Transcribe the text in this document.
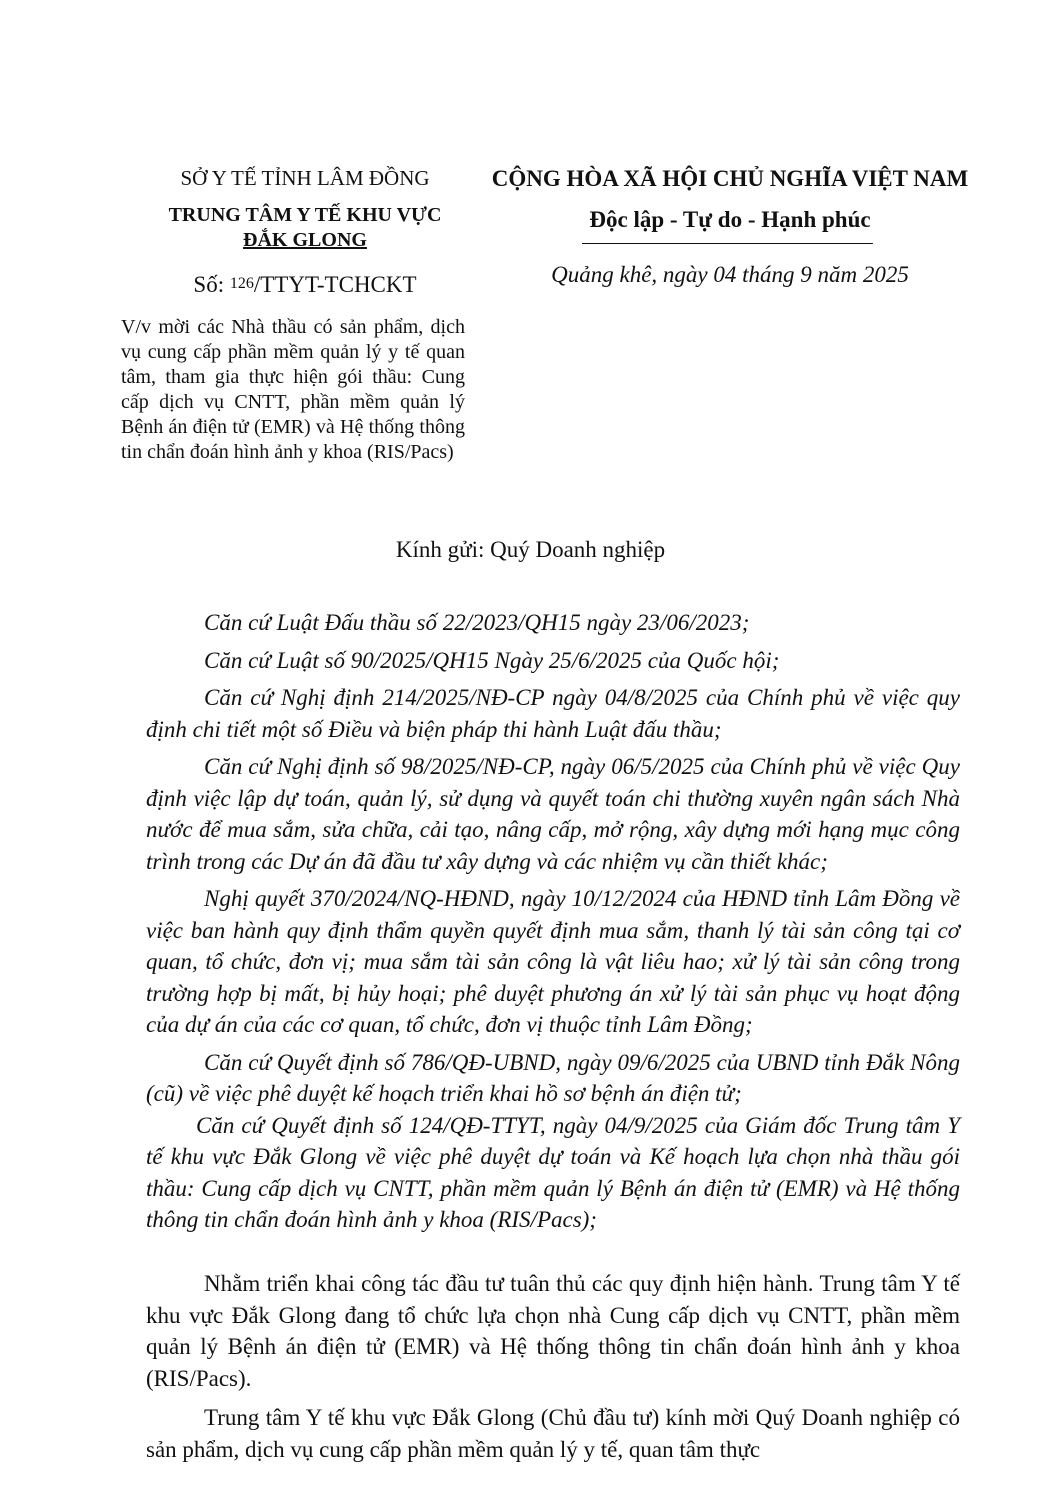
SỞ Y TẾ TỈNH LÂM ĐỒNG
TRUNG TÂM Y TẾ KHU VỰC
ĐẮK GLONG
Số: 126/TTYT-TCHCKT
V/v mời các Nhà thầu có sản phẩm, dịch vụ cung cấp phần mềm quản lý y tế quan tâm, tham gia thực hiện gói thầu: Cung cấp dịch vụ CNTT, phần mềm quản lý Bệnh án điện tử (EMR) và Hệ thống thông tin chẩn đoán hình ảnh y khoa (RIS/Pacs)
CỘNG HÒA XÃ HỘI CHỦ NGHĨA VIỆT NAM
Độc lập - Tự do - Hạnh phúc
Quảng khê, ngày 04 tháng 9 năm 2025
Kính gửi: Quý Doanh nghiệp

Căn cứ Luật Đấu thầu số 22/2023/QH15 ngày 23/06/2023;

Căn cứ Luật số 90/2025/QH15 Ngày 25/6/2025 của Quốc hội;

Căn cứ Nghị định 214/2025/NĐ-CP ngày 04/8/2025 của Chính phủ về việc quy định chi tiết một số Điều và biện pháp thi hành Luật đấu thầu;

Căn cứ Nghị định số 98/2025/NĐ-CP, ngày 06/5/2025 của Chính phủ về việc Quy định việc lập dự toán, quản lý, sử dụng và quyết toán chi thường xuyên ngân sách Nhà nước để mua sắm, sửa chữa, cải tạo, nâng cấp, mở rộng, xây dựng mới hạng mục công trình trong các Dự án đã đầu tư xây dựng và các nhiệm vụ cần thiết khác;

Nghị quyết 370/2024/NQ-HĐND, ngày 10/12/2024 của HĐND tỉnh Lâm Đồng về việc ban hành quy định thẩm quyền quyết định mua sắm, thanh lý tài sản công tại cơ quan, tổ chức, đơn vị; mua sắm tài sản công là vật liêu hao; xử lý tài sản công trong trường hợp bị mất, bị hủy hoại; phê duyệt phương án xử lý tài sản phục vụ hoạt động của dự án của các cơ quan, tổ chức, đơn vị thuộc tỉnh Lâm Đồng;

Căn cứ Quyết định số 786/QĐ-UBND, ngày 09/6/2025 của UBND tỉnh Đắk Nông (cũ) về việc phê duyệt kế hoạch triển khai hồ sơ bệnh án điện tử;

Căn cứ Quyết định số 124/QĐ-TTYT, ngày 04/9/2025 của Giám đốc Trung tâm Y tế khu vực Đắk Glong về việc phê duyệt dự toán và Kế hoạch lựa chọn nhà thầu gói thầu: Cung cấp dịch vụ CNTT, phần mềm quản lý Bệnh án điện tử (EMR) và Hệ thống thông tin chẩn đoán hình ảnh y khoa (RIS/Pacs);

Nhằm triển khai công tác đầu tư tuân thủ các quy định hiện hành. Trung tâm Y tế khu vực Đắk Glong đang tổ chức lựa chọn nhà Cung cấp dịch vụ CNTT, phần mềm quản lý Bệnh án điện tử (EMR) và Hệ thống thông tin chẩn đoán hình ảnh y khoa (RIS/Pacs).

Trung tâm Y tế khu vực Đắk Glong (Chủ đầu tư) kính mời Quý Doanh nghiệp có sản phẩm, dịch vụ cung cấp phần mềm quản lý y tế, quan tâm thực
